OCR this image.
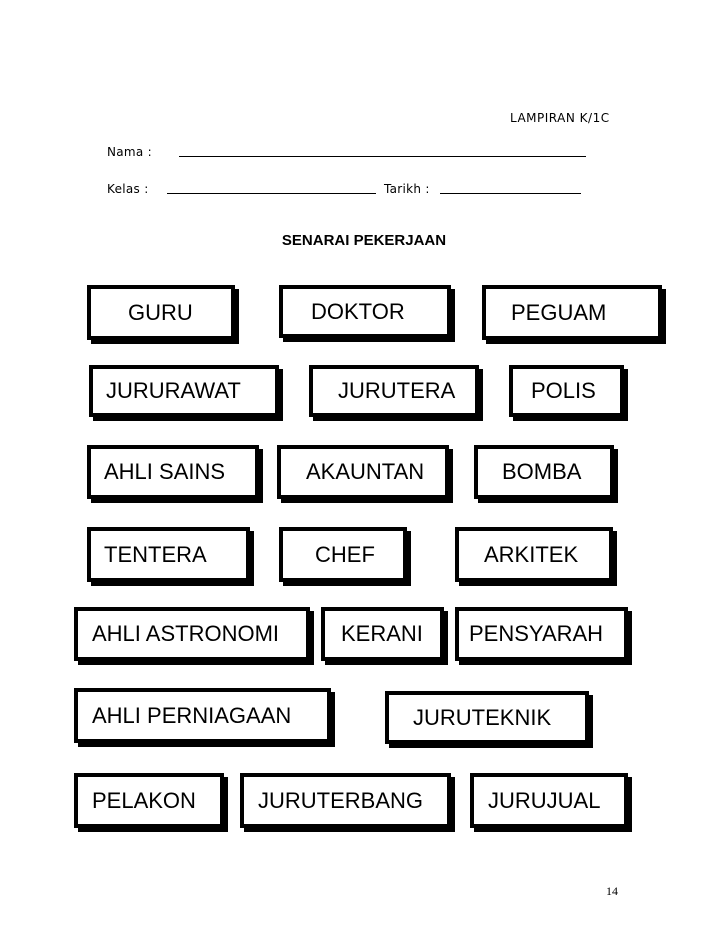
LAMPIRAN K/1C
Nama :
Kelas :	Tarikh :
SENARAI PEKERJAAN
GURU	DOKTOR	PEGUAM
JURURAWAT	JURUTERA	POLIS
AHLI SAINS	AKAUNTAN	BOMBA
TENTERA	CHEF	ARKITEK
AHLI ASTRONOMI	KERANI	PENSYARAH
AHLI PERNIAGAAN	JURUTEKNIK
PELAKON	JURUTERBANG	JURUJUAL
14
